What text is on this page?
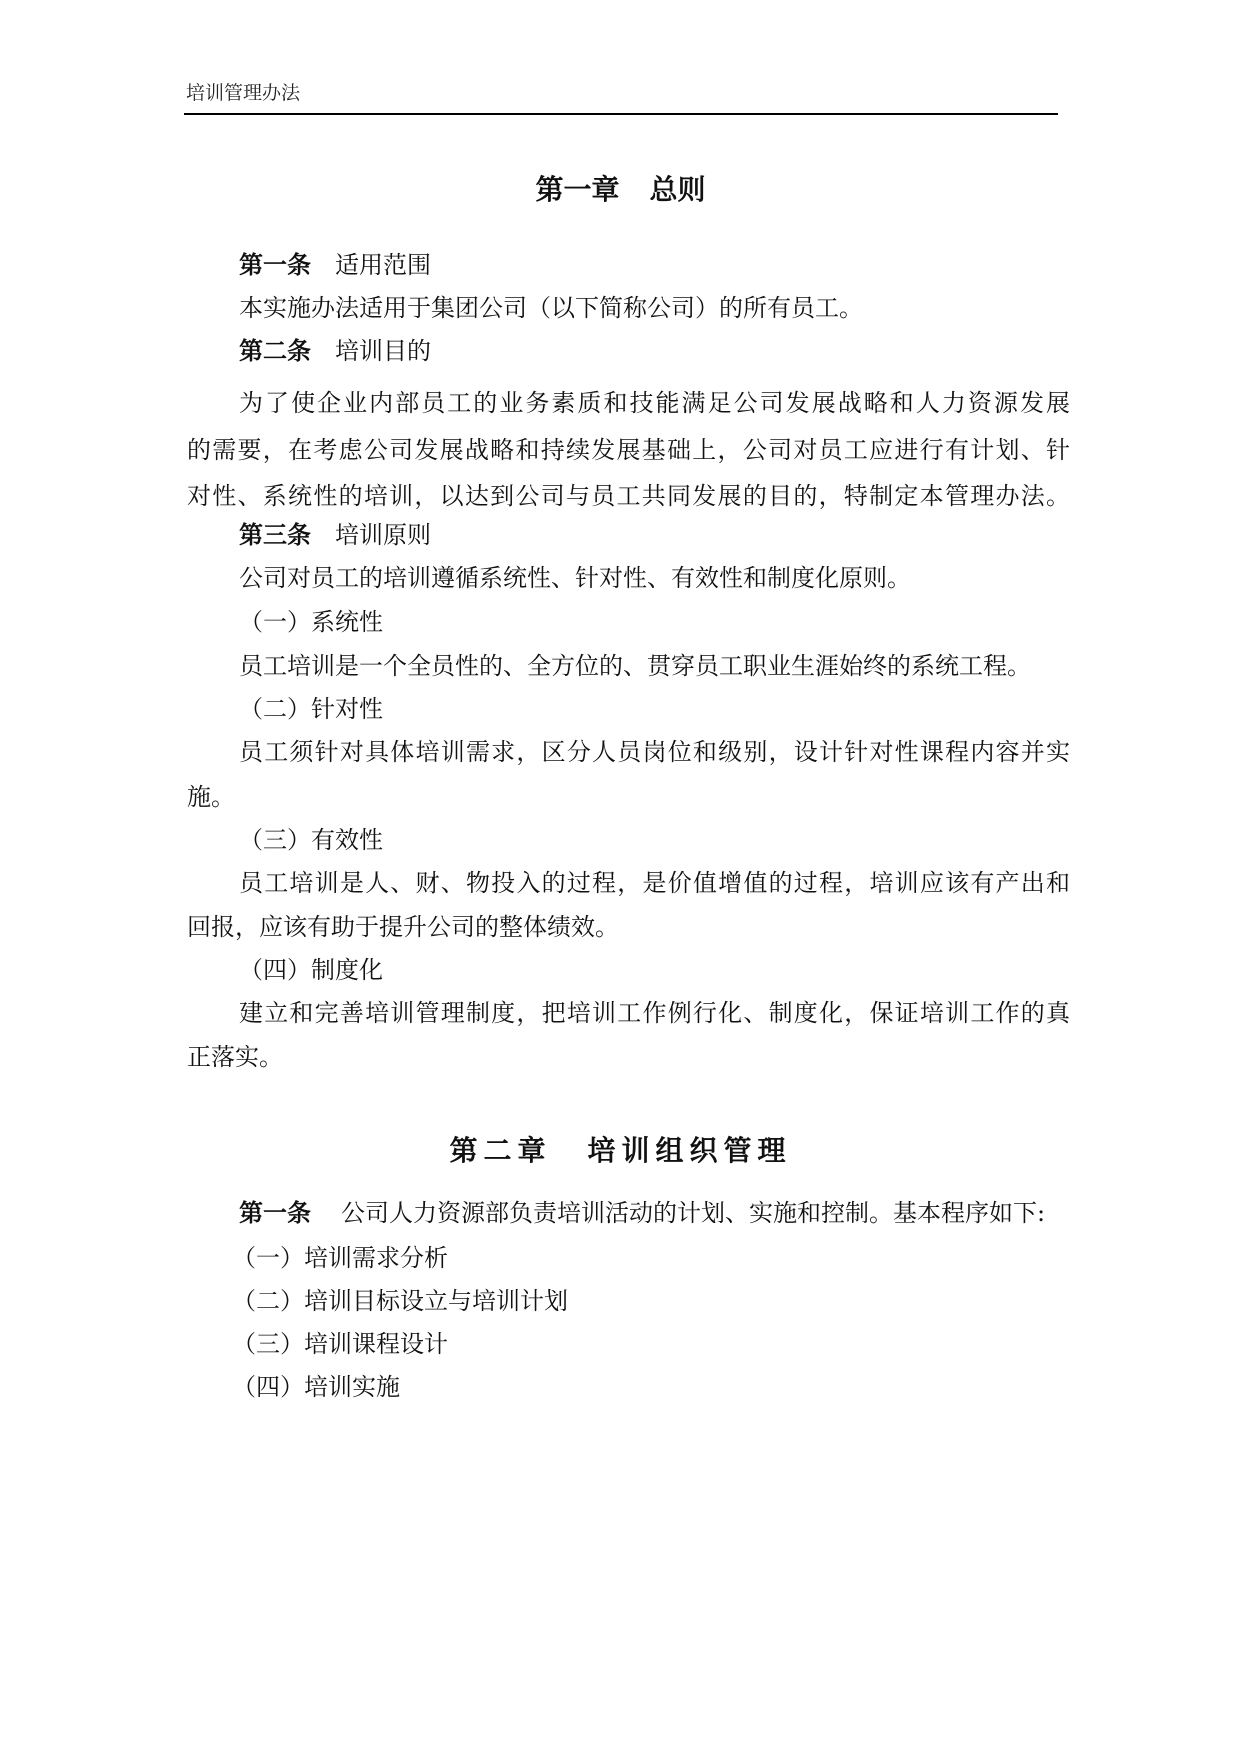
培训管理办法
第一章 总则
第一条 适用范围
本实施办法适用于集团公司（以下简称公司）的所有员工。
第二条 培训目的
为了使企业内部员工的业务素质和技能满足公司发展战略和人力资源发展
的需要，在考虑公司发展战略和持续发展基础上，公司对员工应进行有计划、针
对性、系统性的培训，以达到公司与员工共同发展的目的，特制定本管理办法。
第三条 培训原则
公司对员工的培训遵循系统性、针对性、有效性和制度化原则。
（一）系统性
员工培训是一个全员性的、全方位的、贯穿员工职业生涯始终的系统工程。
（二）针对性
员工须针对具体培训需求，区分人员岗位和级别，设计针对性课程内容并实
施。
（三）有效性
员工培训是人、财、物投入的过程，是价值增值的过程，培训应该有产出和
回报，应该有助于提升公司的整体绩效。
（四）制度化
建立和完善培训管理制度，把培训工作例行化、制度化，保证培训工作的真
正落实。
第二章 培训组织管理
第一条 公司人力资源部负责培训活动的计划、实施和控制。基本程序如下:
（一）培训需求分析
（二）培训目标设立与培训计划
（三）培训课程设计
（四）培训实施
